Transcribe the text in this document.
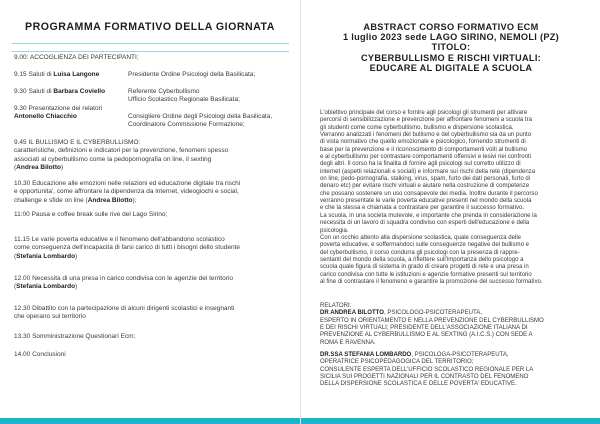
PROGRAMMA FORMATIVO DELLA GIORNATA

9.00: ACCOGLIENZA DEI PARTECIPANTI;

9.15 Saluti di Luisa Langone	Presidente Ordine Psicologi della Basilicata;

9.30 Saluti di Barbara Coviello	Referente Cyberbullismo

Ufficio Scolastico Regionale Basilicata;

9.30 Presentazione dei relatori

Antonello Chiacchio	Consigliere Ordine degli Psicologi della Basilicata,

Coordinatore Commissione Formazione;

9.45 IL BULLISMO E IL CYBERBULLISMO:

caratteristiche, definizioni e indicatori per la prevenzione, fenomeni spesso

associati al cyberbullismo come la pedopornografia on line, il sexting

(Andrea Bilotto)

10.30 Educazione alle emozioni nelle relazioni ed educazione digitale tra rischi

e opportunita', come affrontare la dipendenza da internet, videogiochi e social,

challenge e sfide on line (Andrea Bilotto);

11:00 Pausa e coffee break sulle rive del Lago Sirino;

11.15 Le varie poverta educative e il fenomeno dell'abbandono scolastico

come conseguenza dell'incapacita di farsi carico di tutti i bisogni dello studente

(Stefania Lombardo)

12.00 Necessita di una presa in carico condivisa con le agenzie del territorio

(Stefania Lombardo)

12.30 Dibattito con la partecipazione di alcuni dirigenti scolastici e insegnanti

che operano sul territorio

13.30 Somministrazione Questionari Ecm;

14.00 Conclusioni

ABSTRACT CORSO FORMATIVO ECM

1 luglio 2023 sede LAGO SIRINO, NEMOLI (PZ)

TITOLO:

CYBERBULLISMO E RISCHI VIRTUALI:

EDUCARE AL DIGITALE A SCUOLA

L'obiettivo principale del corso e fornire agli psicologi gli strumenti per attivare

percorsi di sensibilizzazione e prevenzione per affrontare fenomeni a scuola tra

gli studenti come come cyberbullismo, bullismo e dispersione scolastica.

Verranno analizzati i fenomeni del bullismo e del cyberbullismo sia da un punto

di vista normativo che quello emozionale e psicologico, fornendo strumenti di

base per la prevenzione e il riconoscimento di comportamenti volti al bullismo

e al cyberbullismo per contrastare comportamenti offensivi e lesivi nei confronti

degli altri. Il corso ha la finalita di fornire agli psicologi sul corretto utilizzo di

internet (aspetti relazionali e sociali) e informare sui rischi della rete (dipendenza

on line, pedo-pornografia, stalking, virus, spam, furto dei dati personali, furto di

denaro etc) per evitare rischi virtuali e aiutare nella costruzione di competenze

che possano sostenere un uso consapevole dei media. Inoltre durante il percorso

verranno presentate le varie poverta educative presenti nel mondo della scuola

e che la stessa e chiamata a contrastare per garantire il successo formativo.

La scuola, in una societa mutevole, e importante che prenda in considerazione la

necessita di un lavoro di squadra condiviso con esperti dell'educazione e della

psicologia.

Con un occhio attento alla dispersione scolastica, quale conseguenza delle

poverta educative, e soffermandoci sulle conseguenze negative del bullismo e

del cyberbullismo, il corso condurra gli psicologi con la presenza di rappre-

sentanti del mondo della scuola, a riflettere sull'importanza dello psicologo a

scuola quale figura di sistema in grado di creare progetti di rete e una presa in

carico condivisa con tutte le istituzioni e agenzie formative presenti sul territorio

al fine di contrastare il fenomeno e garantire la promozione del successo formativo.

RELATORI:

DR ANDREA BILOTTO, PSICOLOGO-PSICOTERAPEUTA,

ESPERTO IN ORIENTAMENTO E NELLA PREVENZIONE DEL CYBERBULLISMO

E DEI RISCHI VIRTUALI; PRESIDENTE DELL'ASSOCIAZIONE ITALIANA DI

PREVENZIONE AL CYBERBULLISMO E AL SEXTING (A.I.C.S.) CON SEDE A

ROMA E RAVENNA.

DR.SSA STEFANIA LOMBARDO, PSICOLOGA-PSICOTERAPEUTA,

OPERATRICE PSICOPEDAGOGICA DEL TERRITORIO;

CONSULENTE ESPERTA DELL'UFFICIO SCOLASTICO REGIONALE PER LA

SICILIA SUI PROGETTI NAZIONALI PER IL CONTRASTO DEL FENOMENO

DELLA DISPERSIONE SCOLASTICA E DELLE POVERTA' EDUCATIVE.
